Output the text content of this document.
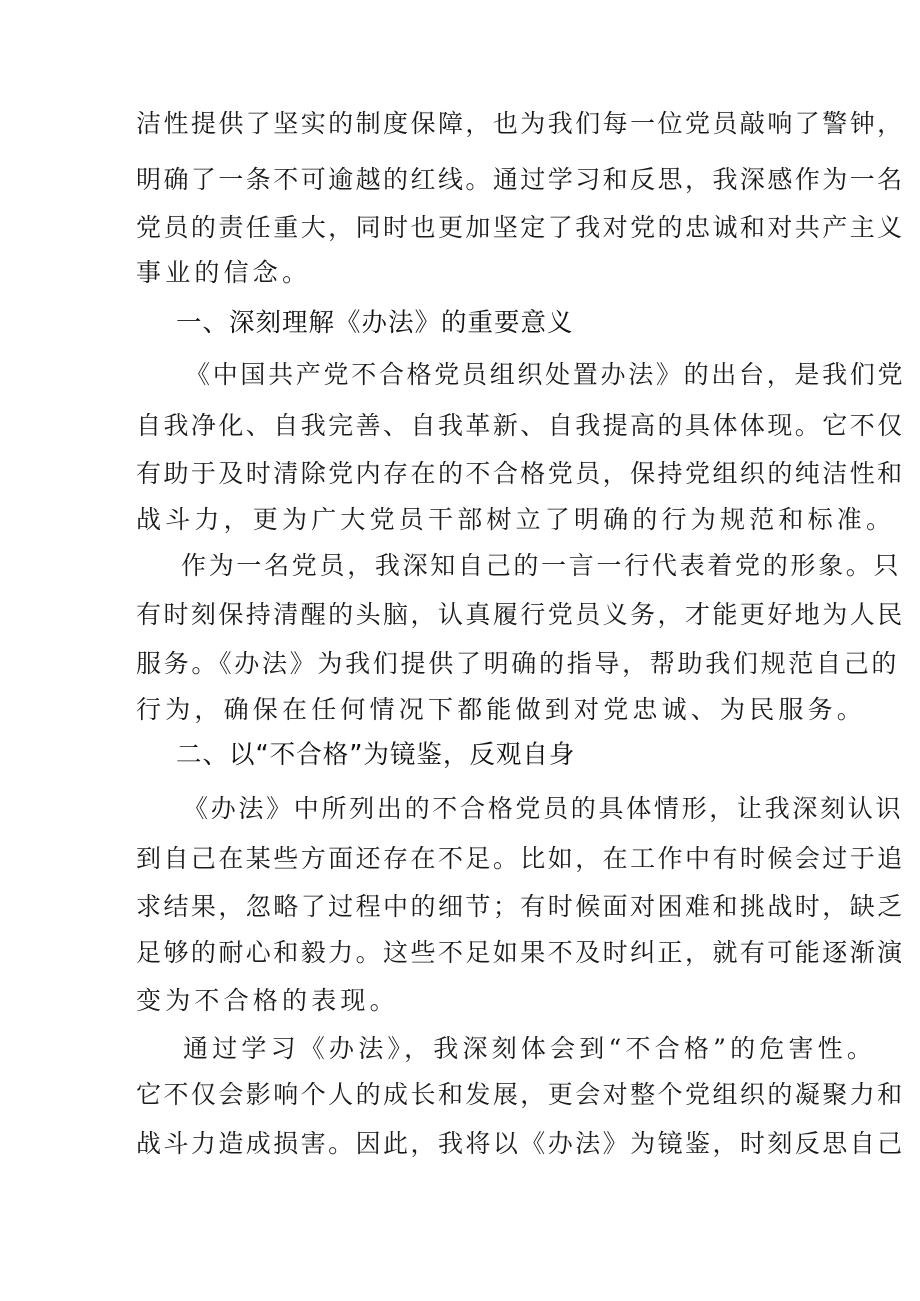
洁性提供了坚实的制度保障，也为我们每一位党员敲响了警钟，
明确了一条不可逾越的红线。通过学习和反思，我深感作为一名
党员的责任重大，同时也更加坚定了我对党的忠诚和对共产主义
事业的信念。
一、深刻理解《办法》的重要意义
《中国共产党不合格党员组织处置办法》的出台，是我们党
自我净化、自我完善、自我革新、自我提高的具体体现。它不仅
有助于及时清除党内存在的不合格党员，保持党组织的纯洁性和
战斗力，更为广大党员干部树立了明确的行为规范和标准。
作为一名党员，我深知自己的一言一行代表着党的形象。只
有时刻保持清醒的头脑，认真履行党员义务，才能更好地为人民
服务。《办法》为我们提供了明确的指导，帮助我们规范自己的
行为，确保在任何情况下都能做到对党忠诚、为民服务。
二、以“不合格”为镜鉴，反观自身
《办法》中所列出的不合格党员的具体情形，让我深刻认识
到自己在某些方面还存在不足。比如，在工作中有时候会过于追
求结果，忽略了过程中的细节；有时候面对困难和挑战时，缺乏
足够的耐心和毅力。这些不足如果不及时纠正，就有可能逐渐演
变为不合格的表现。
通过学习《办法》，我深刻体会到“不合格”的危害性。
它不仅会影响个人的成长和发展，更会对整个党组织的凝聚力和
战斗力造成损害。因此，我将以《办法》为镜鉴，时刻反思自己
